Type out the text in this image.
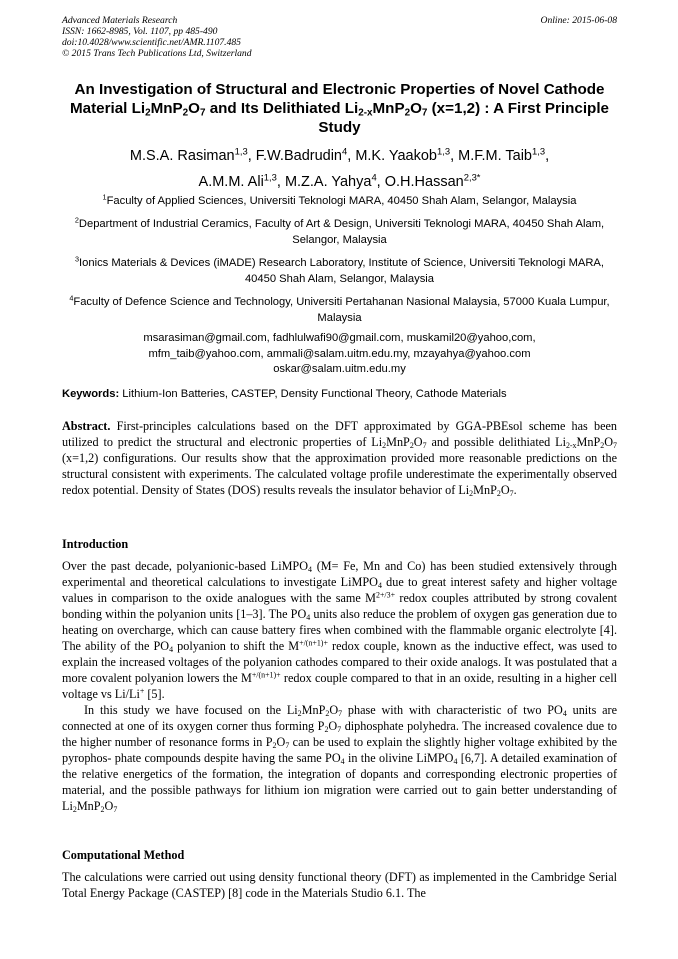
Advanced Materials Research
ISSN: 1662-8985, Vol. 1107, pp 485-490
doi:10.4028/www.scientific.net/AMR.1107.485
© 2015 Trans Tech Publications Ltd, Switzerland
Online: 2015-06-08
An Investigation of Structural and Electronic Properties of Novel Cathode Material $Li_2MnP_2O_7$ and Its Delithiated $Li_{2-x}MnP_2O_7$ (x=1,2) : A First Principle Study
M.S.A. Rasiman$^{1,3}$, F.W.Badrudin$^4$, M.K. Yaakob$^{1,3}$, M.F.M. Taib$^{1,3}$,
A.M.M. Ali$^{1,3}$, M.Z.A. Yahya$^4$, O.H.Hassan$^{2,3*}$
$^1$Faculty of Applied Sciences, Universiti Teknologi MARA, 40450 Shah Alam, Selangor, Malaysia
$^2$Department of Industrial Ceramics, Faculty of Art & Design, Universiti Teknologi MARA, 40450 Shah Alam, Selangor, Malaysia
$^3$Ionics Materials & Devices (iMADE) Research Laboratory, Institute of Science, Universiti Teknologi MARA, 40450 Shah Alam, Selangor, Malaysia
$^4$Faculty of Defence Science and Technology, Universiti Pertahanan Nasional Malaysia, 57000 Kuala Lumpur, Malaysia
msarasiman@gmail.com, fadhlulwafi90@gmail.com, muskamil20@yahoo,com,
mfm_taib@yahoo.com, ammali@salam.uitm.edu.my, mzayahya@yahoo.com
oskar@salam.uitm.edu.my
Keywords: Lithium-Ion Batteries, CASTEP, Density Functional Theory, Cathode Materials
Abstract. First-principles calculations based on the DFT approximated by GGA-PBEsol scheme has been utilized to predict the structural and electronic properties of $Li_2MnP_2O_7$ and possible delithiated $Li_{2-x}MnP_2O_7$ (x=1,2) configurations. Our results show that the approximation provided more reasonable predictions on the structural consistent with experiments. The calculated voltage profile underestimate the experimentally observed redox potential. Density of States (DOS) results reveals the insulator behavior of $Li_2MnP_2O_7$.
Introduction

Over the past decade, polyanionic-based LiMPO$_4$ (M= Fe, Mn and Co) has been studied extensively through experimental and theoretical calculations to investigate LiMPO$_4$ due to great interest safety and higher voltage values in comparison to the oxide analogues with the same $M^{2+/3+}$ redox couples attributed by strong covalent bonding within the polyanion units [1–3]. The $PO_4$ units also reduce the problem of oxygen gas generation due to heating on overcharge, which can cause battery fires when combined with the flammable organic electrolyte [4]. The ability of the $PO_4$ polyanion to shift the $M^{+/(n+1)+}$ redox couple, known as the inductive effect, was used to explain the increased voltages of the polyanion cathodes compared to their oxide analogs. It was postulated that a more covalent polyanion lowers the $M^{+/(n+1)+}$ redox couple compared to that in an oxide, resulting in a higher cell voltage vs Li/Li+ [5].

In this study we have focused on the $Li_2MnP_2O_7$ phase with with characteristic of two $PO_4$ units are connected at one of its oxygen corner thus forming $P_2O_7$ diphosphate polyhedra. The increased covalence due to the higher number of resonance forms in $P_2O_7$ can be used to explain the slightly higher voltage exhibited by the pyrophos- phate compounds despite having the same $PO_4$ in the olivine LiMPO$_4$ [6,7]. A detailed examination of the relative energetics of the formation, the integration of dopants and corresponding electronic properties of material, and the possible pathways for lithium ion migration were carried out to gain better understanding of $Li_2MnP_2O_7$

Computational Method

The calculations were carried out using density functional theory (DFT) as implemented in the Cambridge Serial Total Energy Package (CASTEP) [8] code in the Materials Studio 6.1. The
